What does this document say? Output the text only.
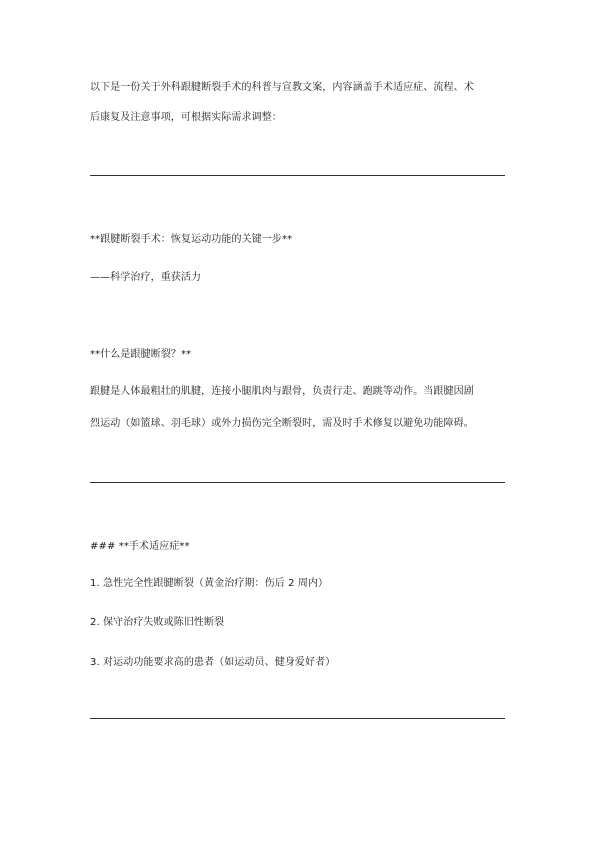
以下是一份关于外科跟腱断裂手术的科普与宣教文案，内容涵盖手术适应症、流程、术
后康复及注意事项，可根据实际需求调整：
**跟腱断裂手术：恢复运动功能的关键一步**
——科学治疗，重获活力
**什么是跟腱断裂？**
跟腱是人体最粗壮的肌腱，连接小腿肌肉与跟骨，负责行走、跑跳等动作。当跟腱因剧
烈运动（如篮球、羽毛球）或外力损伤完全断裂时，需及时手术修复以避免功能障碍。
### **手术适应症**
1. 急性完全性跟腱断裂（黄金治疗期：伤后 2 周内）
2. 保守治疗失败或陈旧性断裂
3. 对运动功能要求高的患者（如运动员、健身爱好者）
